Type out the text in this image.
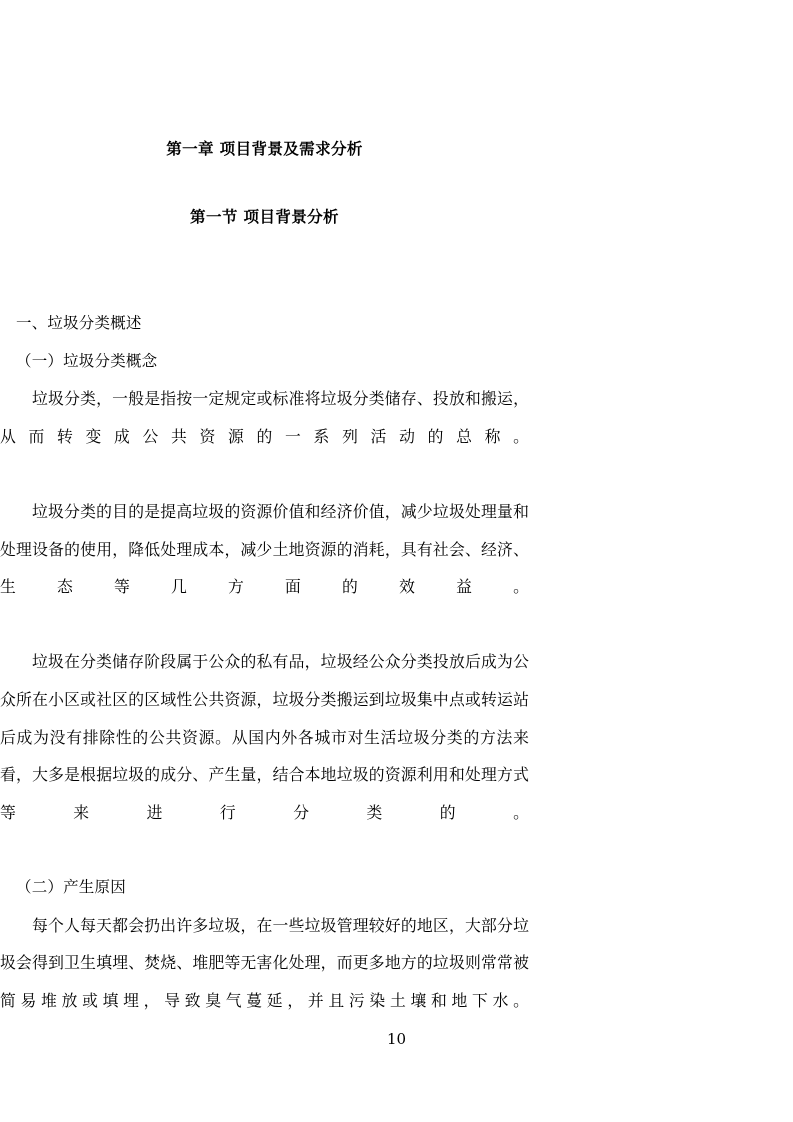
第一章 项目背景及需求分析
第一节 项目背景分析
一、垃圾分类概述
（一）垃圾分类概念

垃圾分类，一般是指按一定规定或标准将垃圾分类储存、投放和搬运，从而转变成公共资源的一系列活动的总称。

垃圾分类的目的是提高垃圾的资源价值和经济价值，减少垃圾处理量和处理设备的使用，降低处理成本，减少土地资源的消耗，具有社会、经济、生态等几方面的效益。

垃圾在分类储存阶段属于公众的私有品，垃圾经公众分类投放后成为公众所在小区或社区的区域性公共资源，垃圾分类搬运到垃圾集中点或转运站后成为没有排除性的公共资源。从国内外各城市对生活垃圾分类的方法来看，大多是根据垃圾的成分、产生量，结合本地垃圾的资源利用和处理方式等来进行分类的。

（二）产生原因

每个人每天都会扔出许多垃圾，在一些垃圾管理较好的地区，大部分垃圾会得到卫生填埋、焚烧、堆肥等无害化处理，而更多地方的垃圾则常常被简易堆放或填埋，导致臭气蔓延，并且污染土壤和地下水。

10
